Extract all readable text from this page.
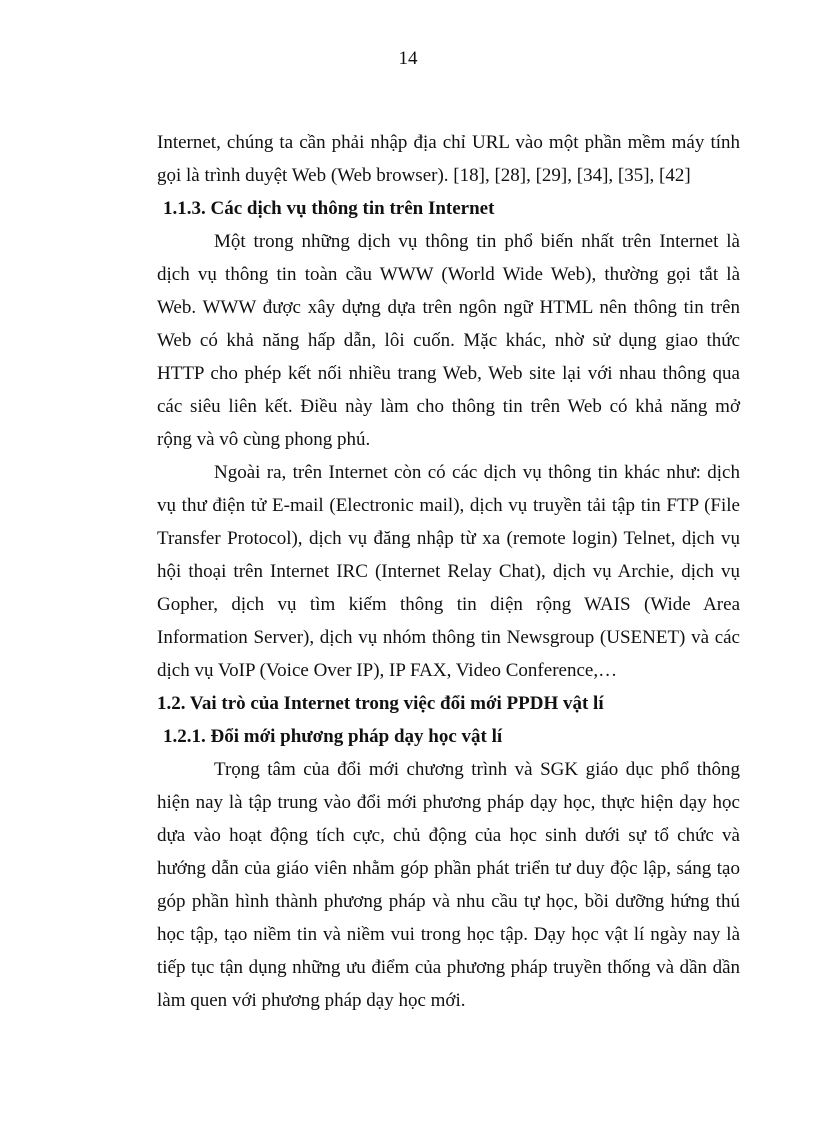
14
Internet, chúng ta cần phải nhập địa chỉ URL vào một phần mềm máy tính
gọi là trình duyệt Web (Web browser). [18], [28], [29], [34], [35], [42]
1.1.3. Các dịch vụ thông tin trên Internet
Một trong những dịch vụ thông tin phổ biến nhất trên Internet là
dịch vụ thông tin toàn cầu WWW (World Wide Web), thường gọi tắt là
Web. WWW được xây dựng dựa trên ngôn ngữ HTML nên thông tin trên
Web có khả năng hấp dẫn, lôi cuốn. Mặc khác, nhờ sử dụng giao thức
HTTP cho phép kết nối nhiều trang Web, Web site lại với nhau thông qua
các siêu liên kết. Điều này làm cho thông tin trên Web có khả năng mở
rộng và vô cùng phong phú.
Ngoài ra, trên Internet còn có các dịch vụ thông tin khác như: dịch
vụ thư điện tử E-mail (Electronic mail), dịch vụ truyền tải tập tin FTP (File
Transfer Protocol), dịch vụ đăng nhập từ xa (remote login) Telnet, dịch vụ
hội thoại trên Internet IRC (Internet Relay Chat), dịch vụ Archie, dịch vụ
Gopher, dịch vụ tìm kiếm thông tin diện rộng WAIS (Wide Area
Information Server), dịch vụ nhóm thông tin Newsgroup (USENET) và các
dịch vụ VoIP (Voice Over IP), IP FAX, Video Conference,…
1.2. Vai trò của Internet trong việc đổi mới PPDH vật lí
1.2.1. Đổi mới phương pháp dạy học vật lí
Trọng tâm của đổi mới chương trình và SGK giáo dục phổ thông
hiện nay là tập trung vào đổi mới phương pháp dạy học, thực hiện dạy học
dựa vào hoạt động tích cực, chủ động của học sinh dưới sự tổ chức và
hướng dẫn của giáo viên nhằm góp phần phát triển tư duy độc lập, sáng tạo
góp phần hình thành phương pháp và nhu cầu tự học, bồi dưỡng hứng thú
học tập, tạo niềm tin và niềm vui trong học tập. Dạy học vật lí ngày nay là
tiếp tục tận dụng những ưu điểm của phương pháp truyền thống và dần dần
làm quen với phương pháp dạy học mới.
